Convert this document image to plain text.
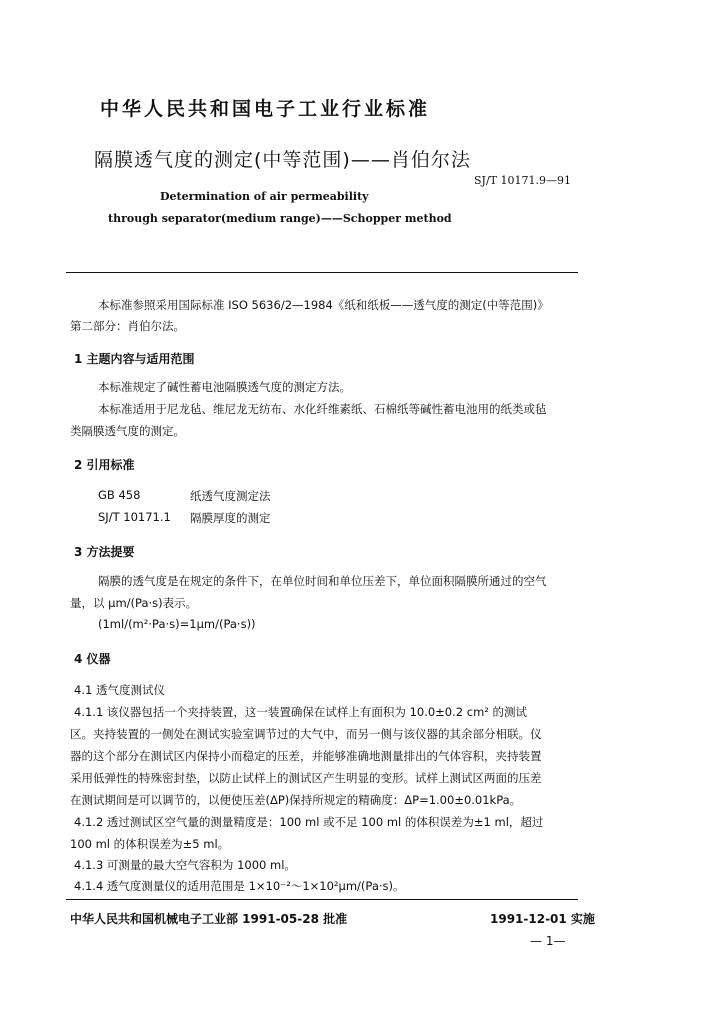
中华人民共和国电子工业行业标准
隔膜透气度的测定(中等范围)——肖伯尔法
SJ/T 10171.9—91
Determination of air permeability
through separator(medium range)——Schopper method
本标准参照采用国际标准 ISO 5636/2—1984《纸和纸板——透气度的测定(中等范围)》
第二部分：肖伯尔法。
1 主题内容与适用范围
本标准规定了碱性蓄电池隔膜透气度的测定方法。
本标准适用于尼龙毡、维尼龙无纺布、水化纤维素纸、石棉纸等碱性蓄电池用的纸类或毡
类隔膜透气度的测定。
2 引用标准
GB 458	纸透气度测定法
SJ/T 10171.1 隔膜厚度的测定
3 方法提要
隔膜的透气度是在规定的条件下，在单位时间和单位压差下，单位面积隔膜所通过的空气
量，以 μm/(Pa·s)表示。
(1ml/(m²·Pa·s)=1μm/(Pa·s))
4 仪器
4.1 透气度测试仪
4.1.1 该仪器包括一个夹持装置，这一装置确保在试样上有面积为 10.0±0.2 cm² 的测试
区。夹持装置的一侧处在测试实验室调节过的大气中，而另一侧与该仪器的其余部分相联。仪
器的这个部分在测试区内保持小而稳定的压差，并能够准确地测量排出的气体容积，夹持装置
采用低弹性的特殊密封垫，以防止试样上的测试区产生明显的变形。试样上测试区两面的压差
在测试期间是可以调节的，以便使压差(ΔP)保持所规定的精确度：ΔP=1.00±0.01kPa。
4.1.2 透过测试区空气量的测量精度是：100 ml 或不足 100 ml 的体积误差为±1 ml，超过
100 ml 的体积误差为±5 ml。
4.1.3 可测量的最大空气容积为 1000 ml。
4.1.4 透气度测量仪的适用范围是 1×10⁻²～1×10²μm/(Pa·s)。
中华人民共和国机械电子工业部 1991-05-28 批准	1991-12-01 实施
— 1—
